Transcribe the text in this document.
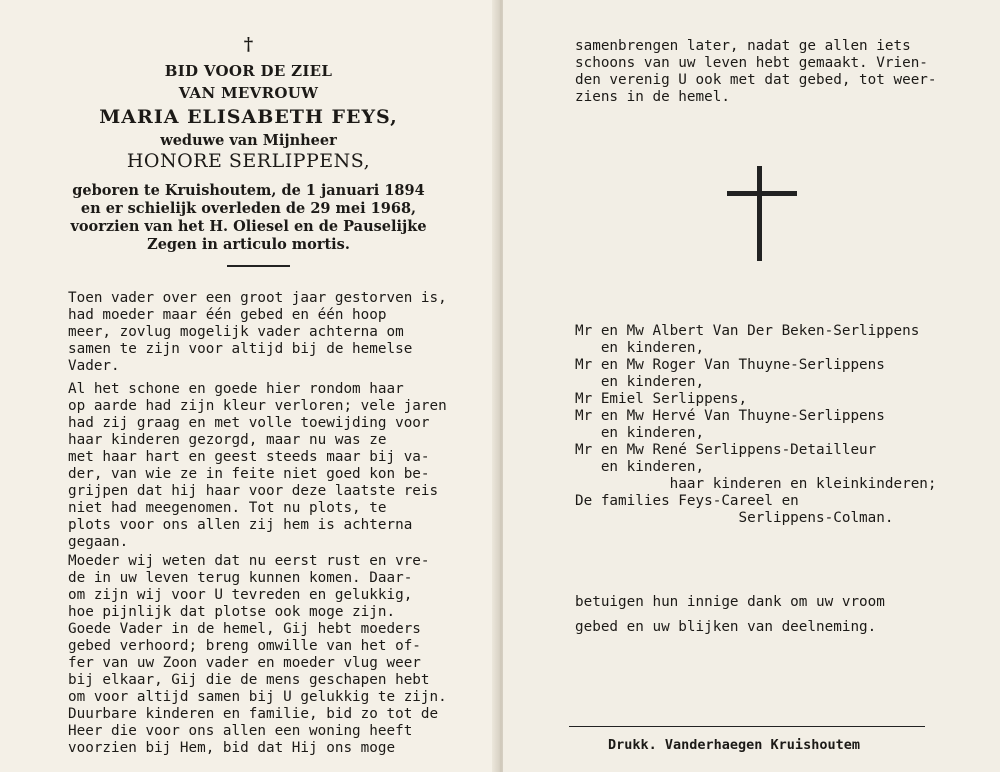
†
BID VOOR DE ZIEL
VAN MEVROUW
MARIA ELISABETH FEYS,
weduwe van Mijnheer
HONORE SERLIPPENS,
geboren te Kruishoutem, de 1 januari 1894
en er schielijk overleden de 29 mei 1968,
voorzien van het H. Oliesel en de Pauselijke
Zegen in articulo mortis.
Toen vader over een groot jaar gestorven is,
had moeder maar één gebed en één hoop
meer, zovlug mogelijk vader achterna om
samen te zijn voor altijd bij de hemelse
Vader.
Al het schone en goede hier rondom haar
op aarde had zijn kleur verloren; vele jaren
had zij graag en met volle toewijding voor
haar kinderen gezorgd, maar nu was ze
met haar hart en geest steeds maar bij va-
der, van wie ze in feite niet goed kon be-
grijpen dat hij haar voor deze laatste reis
niet had meegenomen. Tot nu plots, te
plots voor ons allen zij hem is achterna
gegaan.
Moeder wij weten dat nu eerst rust en vre-
de in uw leven terug kunnen komen. Daar-
om zijn wij voor U tevreden en gelukkig,
hoe pijnlijk dat plotse ook moge zijn.
Goede Vader in de hemel, Gij hebt moeders
gebed verhoord; breng omwille van het of-
fer van uw Zoon vader en moeder vlug weer
bij elkaar, Gij die de mens geschapen hebt
om voor altijd samen bij U gelukkig te zijn.
Duurbare kinderen en familie, bid zo tot de
Heer die voor ons allen een woning heeft
voorzien bij Hem, bid dat Hij ons moge
samenbrengen later, nadat ge allen iets
schoons van uw leven hebt gemaakt. Vrien-
den verenig U ook met dat gebed, tot weer-
ziens in de hemel.
Mr en Mw Albert Van Der Beken-Serlippens
en kinderen,
Mr en Mw Roger Van Thuyne-Serlippens
en kinderen,
Mr Emiel Serlippens,
Mr en Mw Hervé Van Thuyne-Serlippens
en kinderen,
Mr en Mw René Serlippens-Detailleur
en kinderen,
haar kinderen en kleinkinderen;
De families Feys-Careel en
Serlippens-Colman.
betuigen hun innige dank om uw vroom
gebed en uw blijken van deelneming.
Drukk. Vanderhaegen Kruishoutem
